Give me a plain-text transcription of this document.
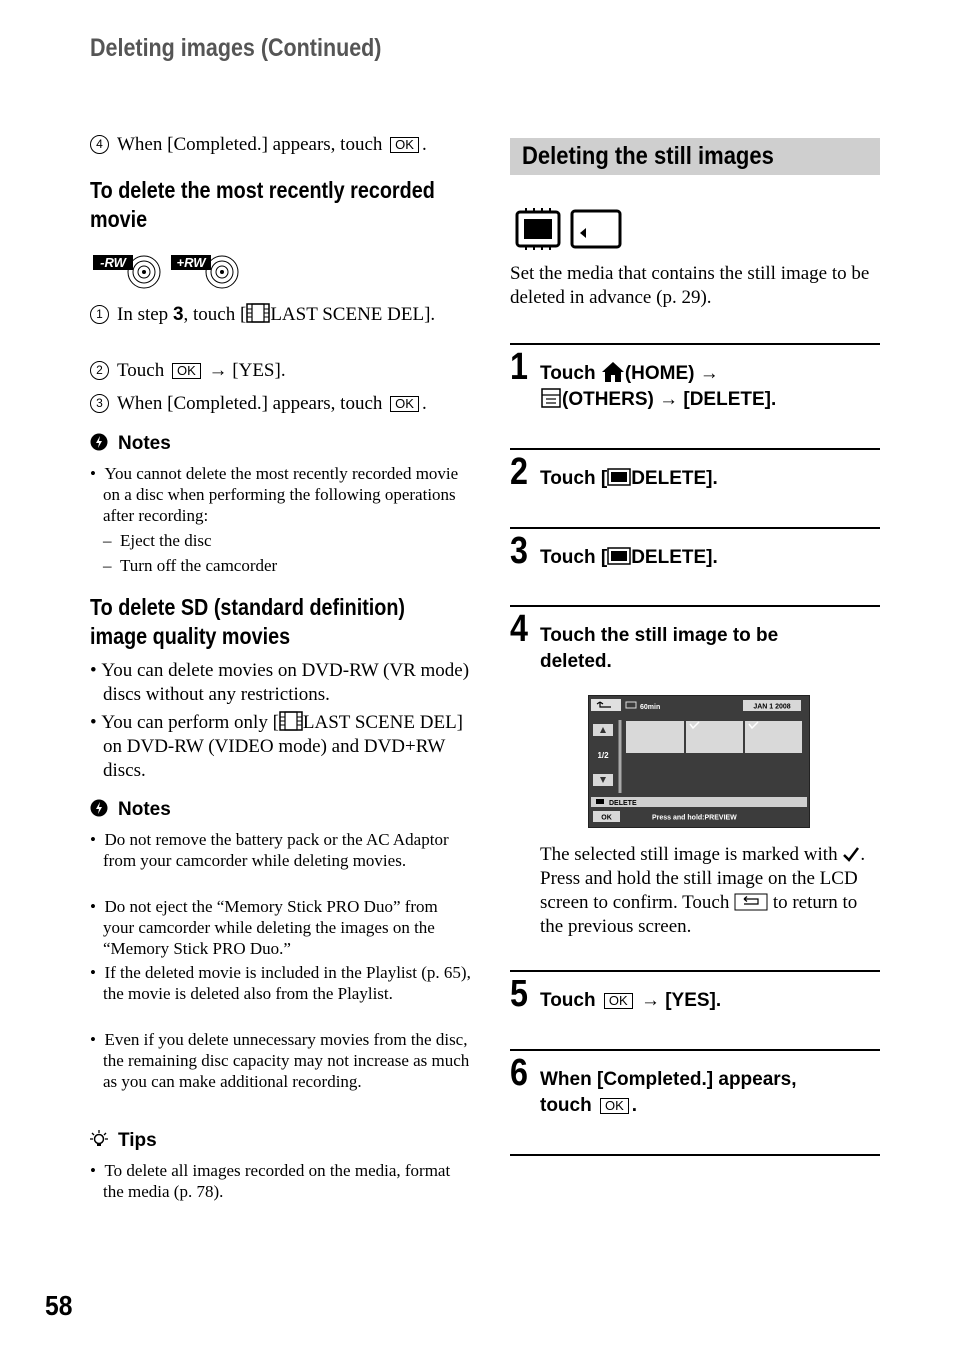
Deleting images (Continued)
4 When [Completed.] appears, touch OK .
To delete the most recently recorded movie
-RW	+RW
1 In step 3, touch [ LAST SCENE DEL].
2 Touch OK → [YES].
3 When [Completed.] appears, touch OK .
Notes
•  You cannot delete the most recently recorded movie on a disc when performing the following operations after recording:
–  Eject the disc
–  Turn off the camcorder
To delete SD (standard definition) image quality movies
• You can delete movies on DVD-RW (VR mode) discs without any restrictions.
• You can perform only [ LAST SCENE DEL] on DVD-RW (VIDEO mode) and DVD+RW discs.
Notes
•  Do not remove the battery pack or the AC Adaptor from your camcorder while deleting movies.
•  Do not eject the “Memory Stick PRO Duo” from your camcorder while deleting the images on the “Memory Stick PRO Duo.”
•  If the deleted movie is included in the Playlist (p. 65), the movie is deleted also from the Playlist.
•  Even if you delete unnecessary movies from the disc, the remaining disc capacity may not increase as much as you can make additional recording.
Tips
•  To delete all images recorded on the media, format the media (p. 78).
58
Deleting the still images
Set the media that contains the still image to be deleted in advance (p. 29).
1 Touch (HOME) →
(OTHERS) → [DELETE].
2 Touch [ DELETE].
3 Touch [ DELETE].
4 Touch the still image to be deleted.
60min	JAN 1 2008
1/2
DELETE
OK	Press and hold:PREVIEW
The selected still image is marked with . Press and hold the still image on the LCD screen to confirm. Touch  to return to the previous screen.
5 Touch OK → [YES].
6 When [Completed.] appears, touch OK .
